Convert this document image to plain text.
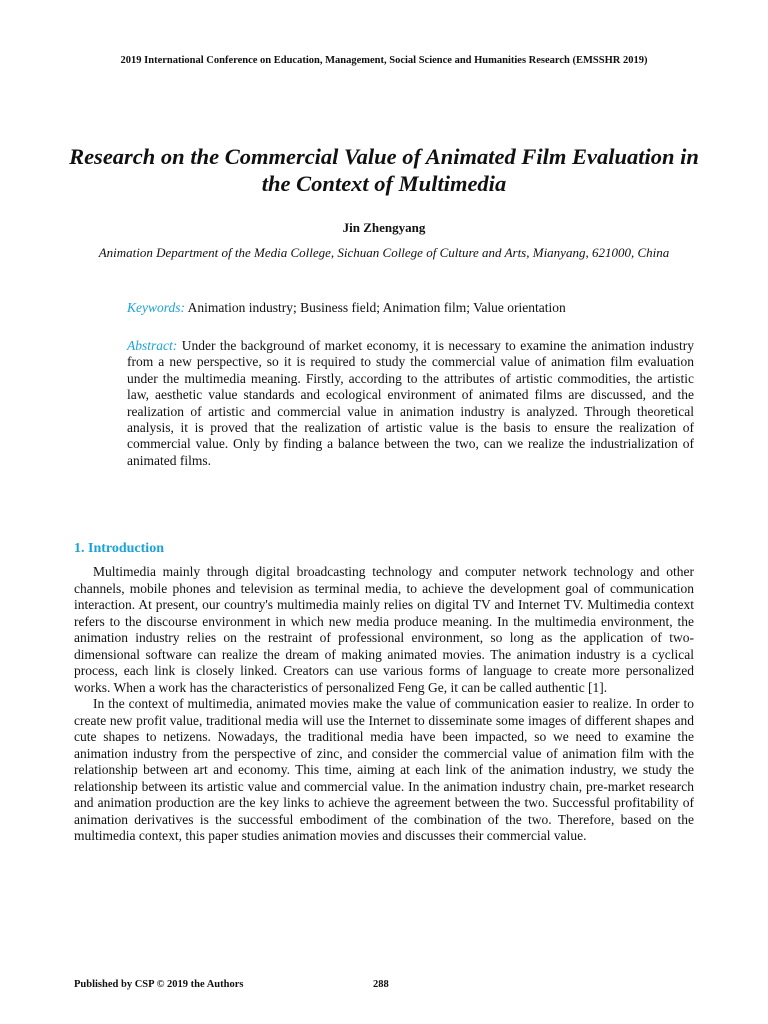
2019 International Conference on Education, Management, Social Science and Humanities Research (EMSSHR 2019)
Research on the Commercial Value of Animated Film Evaluation in the Context of Multimedia
Jin Zhengyang
Animation Department of the Media College, Sichuan College of Culture and Arts, Mianyang, 621000, China
Keywords: Animation industry; Business field; Animation film; Value orientation
Abstract: Under the background of market economy, it is necessary to examine the animation industry from a new perspective, so it is required to study the commercial value of animation film evaluation under the multimedia meaning. Firstly, according to the attributes of artistic commodities, the artistic law, aesthetic value standards and ecological environment of animated films are discussed, and the realization of artistic and commercial value in animation industry is analyzed. Through theoretical analysis, it is proved that the realization of artistic value is the basis to ensure the realization of commercial value. Only by finding a balance between the two, can we realize the industrialization of animated films.
1. Introduction

Multimedia mainly through digital broadcasting technology and computer network technology and other channels, mobile phones and television as terminal media, to achieve the development goal of communication interaction. At present, our country's multimedia mainly relies on digital TV and Internet TV. Multimedia context refers to the discourse environment in which new media produce meaning. In the multimedia environment, the animation industry relies on the restraint of professional environment, so long as the application of two-dimensional software can realize the dream of making animated movies. The animation industry is a cyclical process, each link is closely linked. Creators can use various forms of language to create more personalized works. When a work has the characteristics of personalized Feng Ge, it can be called authentic [1].

In the context of multimedia, animated movies make the value of communication easier to realize. In order to create new profit value, traditional media will use the Internet to disseminate some images of different shapes and cute shapes to netizens. Nowadays, the traditional media have been impacted, so we need to examine the animation industry from the perspective of zinc, and consider the commercial value of animation film with the relationship between art and economy. This time, aiming at each link of the animation industry, we study the relationship between its artistic value and commercial value. In the animation industry chain, pre-market research and animation production are the key links to achieve the agreement between the two. Successful profitability of animation derivatives is the successful embodiment of the combination of the two. Therefore, based on the multimedia context, this paper studies animation movies and discusses their commercial value.

Published by CSP © 2019 the Authors	288
